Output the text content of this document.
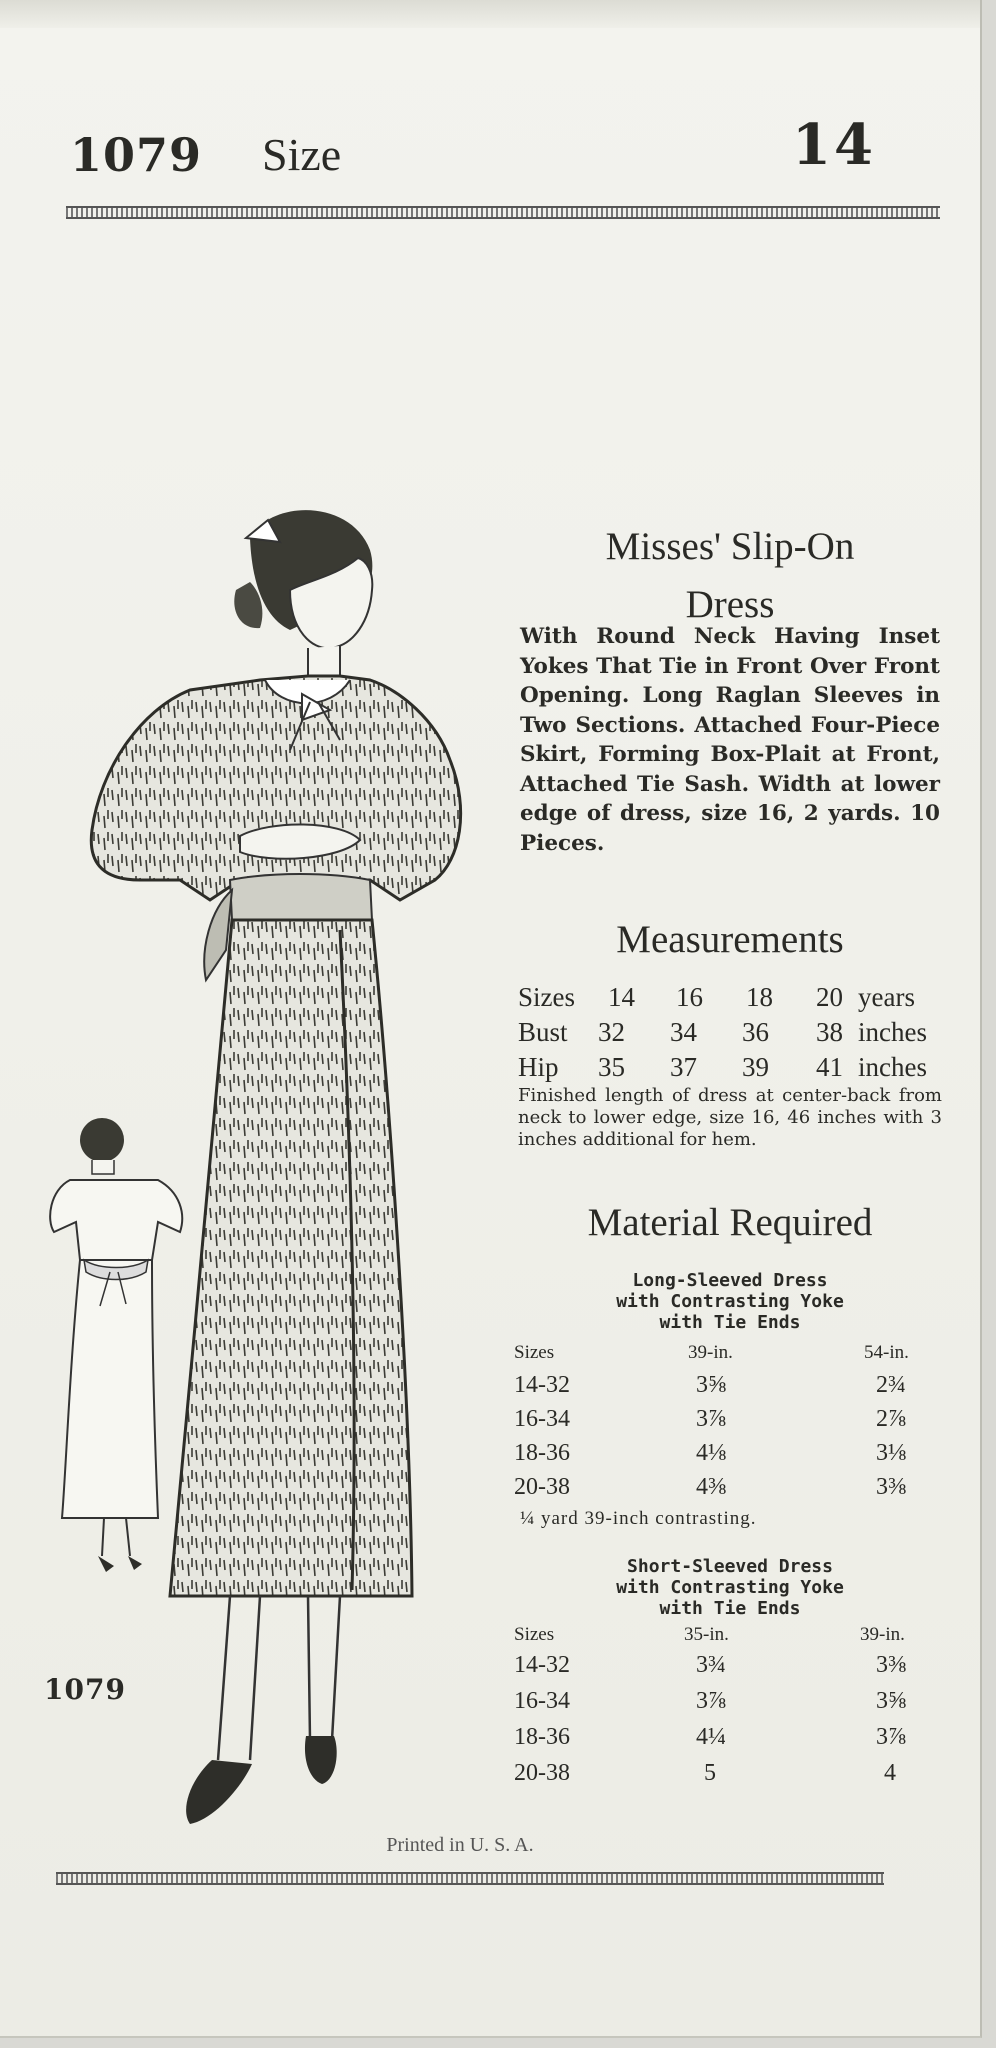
1079 Size	14
Misses' Slip-On
Dress
With Round Neck Having Inset Yokes That Tie in Front Over Front Opening. Long Raglan Sleeves in Two Sections. Attached Four-Piece Skirt, Forming Box-Plait at Front, Attached Tie Sash. Width at lower edge of dress, size 16, 2 yards. 10 Pieces.
Measurements
Sizes 14 16 18 20 years
Bust 32 34 36 38 inches
Hip 35 37 39 41 inches
Finished length of dress at center-back from neck to lower edge, size 16, 46 inches with 3 inches additional for hem.
Material Required
Long-Sleeved Dress
with Contrasting Yoke
with Tie Ends
Sizes	39-in.	54-in.
14-32	3⅝	2¾
16-34	3⅞	2⅞
18-36	4⅛	3⅛
20-38	4⅜	3⅜
¼ yard 39-inch contrasting.
Short-Sleeved Dress
with Contrasting Yoke
with Tie Ends
Sizes	35-in.	39-in.
14-32	3¾	3⅜
16-34	3⅞	3⅝
18-36	4¼	3⅞
20-38	5	4
1079
Printed in U. S. A.
